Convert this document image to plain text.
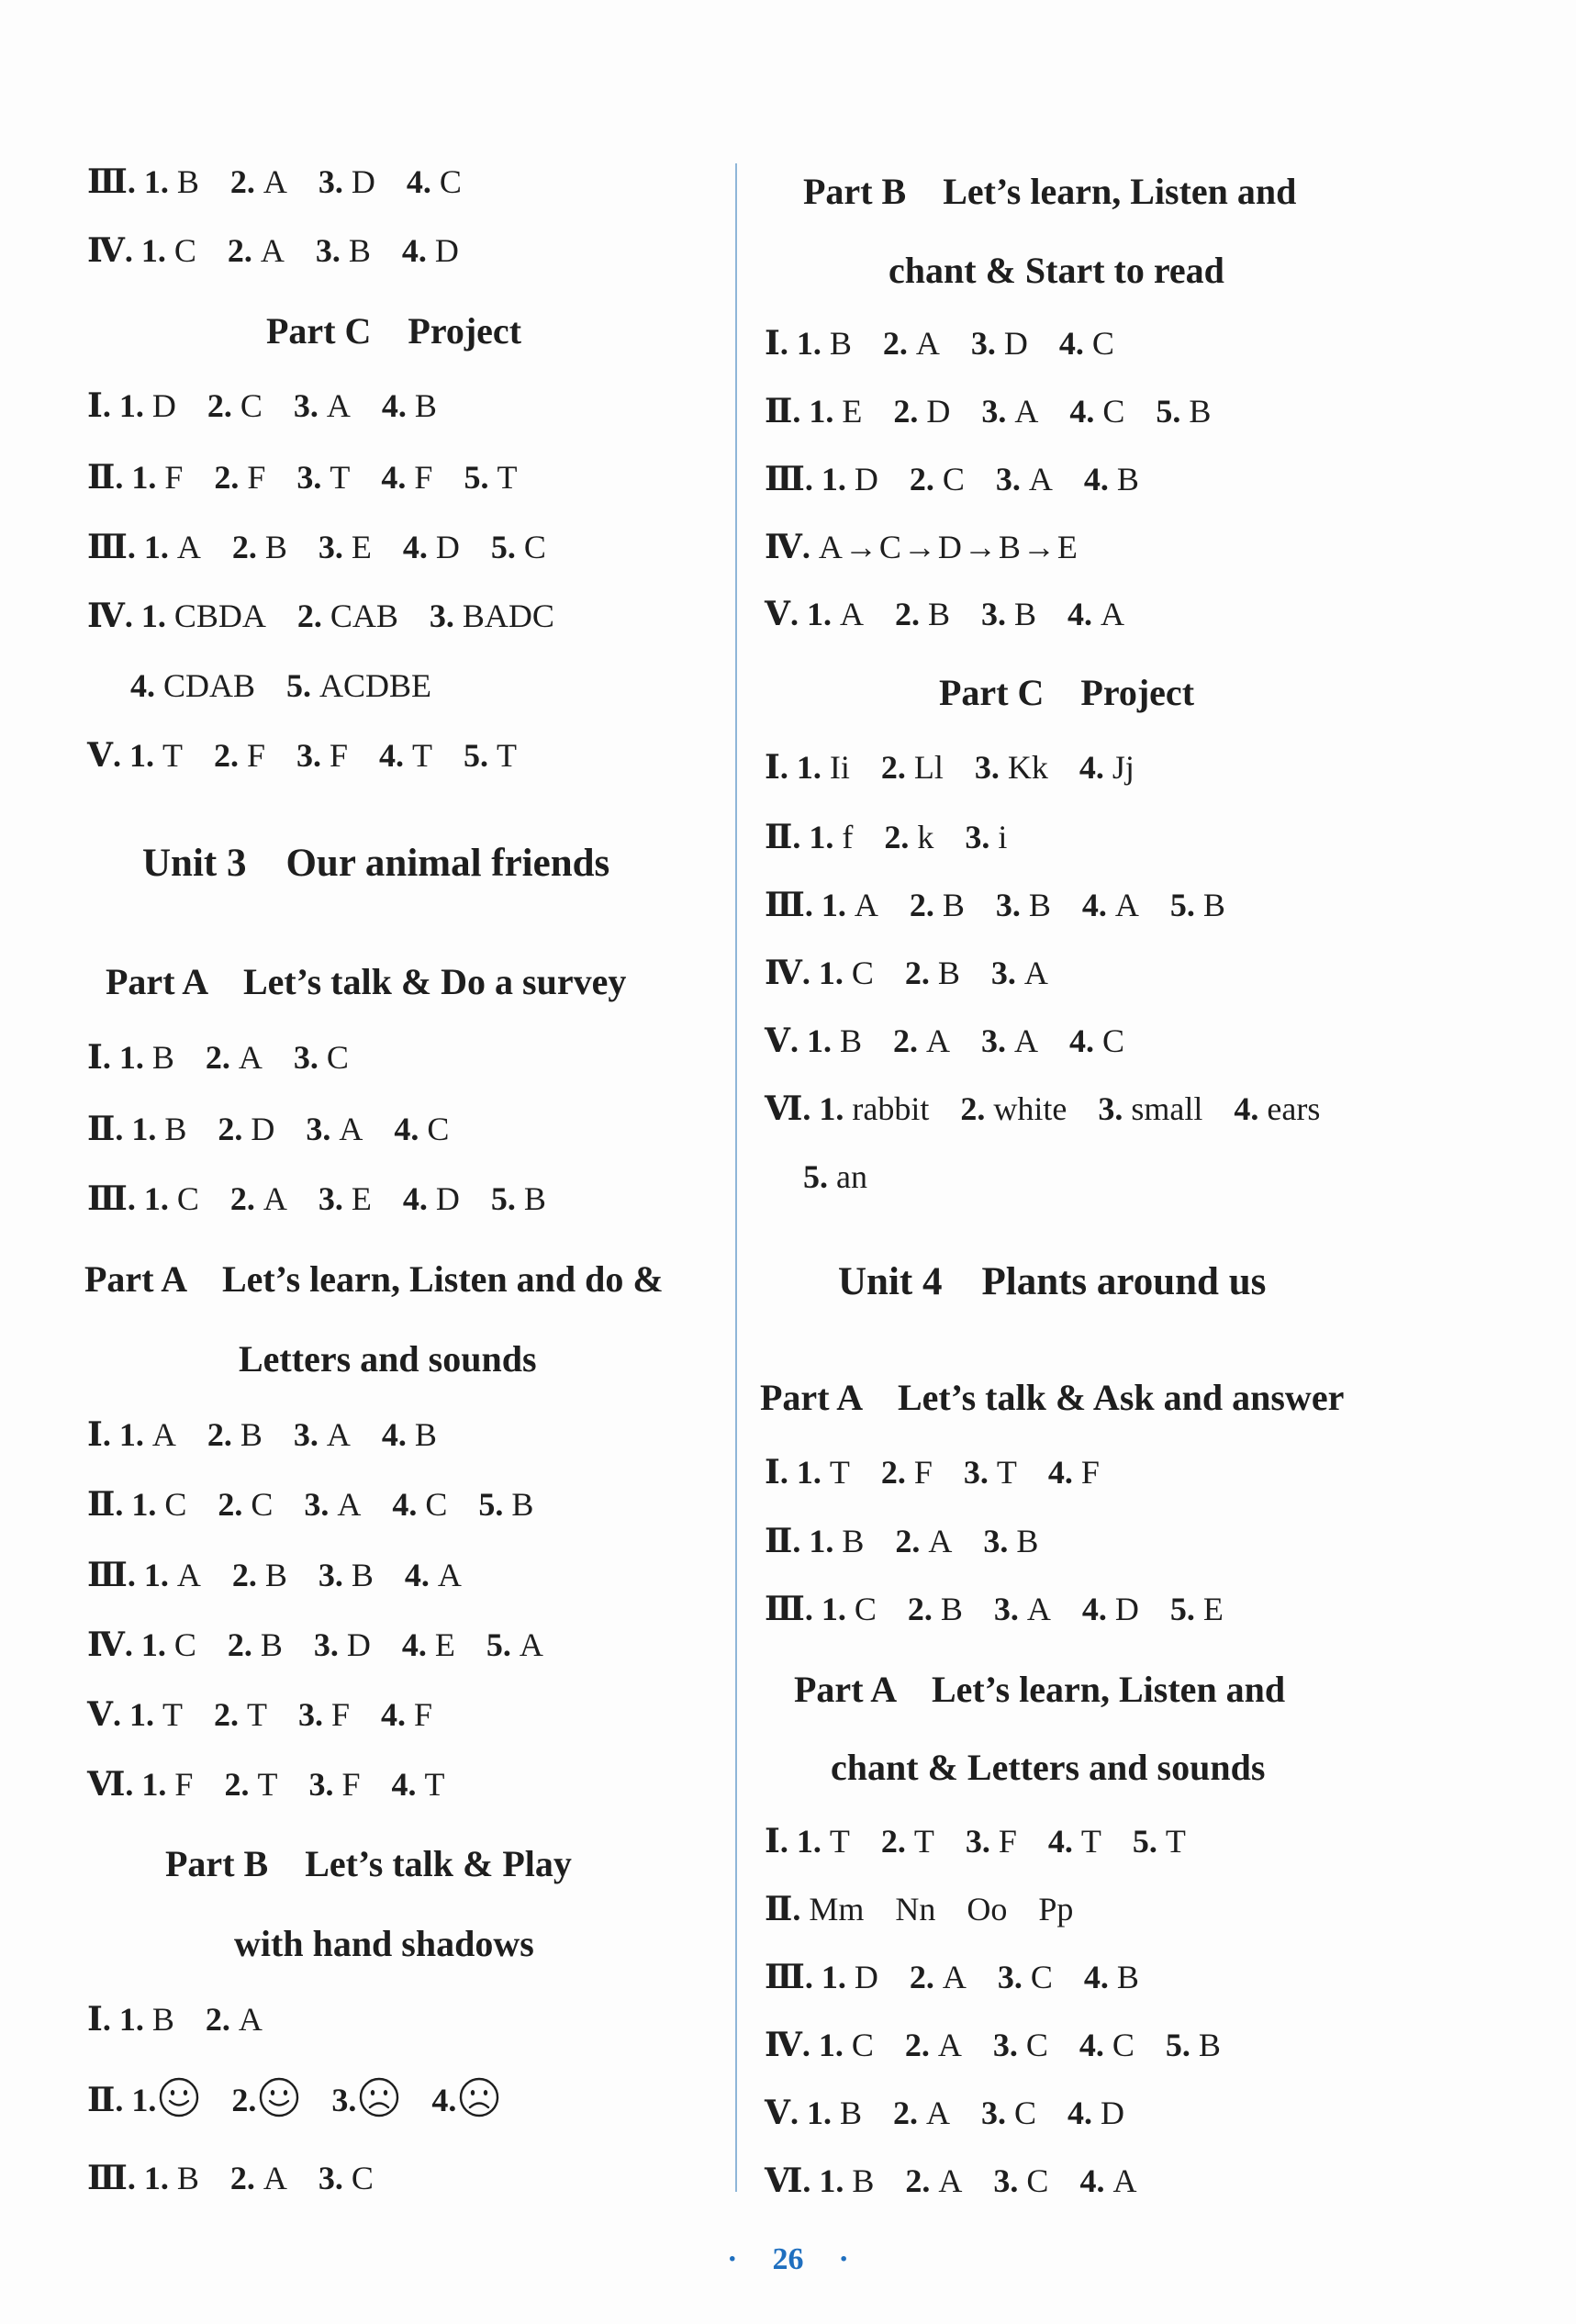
Ⅲ. 1. B 2. A 3. D 4. C
Ⅳ. 1. C 2. A 3. B 4. D
Part C    Project
Ⅰ. 1. D 2. C 3. A 4. B
Ⅱ. 1. F 2. F 3. T 4. F 5. T
Ⅲ. 1. A 2. B 3. E 4. D 5. C
Ⅳ. 1. CBDA 2. CAB 3. BADC
4. CDAB 5. ACDBE
Ⅴ. 1. T 2. F 3. F 4. T 5. T
Unit 3    Our animal friends
Part A    Let’s talk & Do a survey
Ⅰ. 1. B 2. A 3. C
Ⅱ. 1. B 2. D 3. A 4. C
Ⅲ. 1. C 2. A 3. E 4. D 5. B
Part A    Let’s learn, Listen and do &
Letters and sounds
Ⅰ. 1. A 2. B 3. A 4. B
Ⅱ. 1. C 2. C 3. A 4. C 5. B
Ⅲ. 1. A 2. B 3. B 4. A
Ⅳ. 1. C 2. B 3. D 4. E 5. A
Ⅴ. 1. T 2. T 3. F 4. F
Ⅵ. 1. F 2. T 3. F 4. T
Part B    Let’s talk & Play
with hand shadows
Ⅰ. 1. B 2. A
Ⅱ. 1. 2. 3. 4.
Ⅲ. 1. B 2. A 3. C
Part B    Let’s learn, Listen and
chant & Start to read
Ⅰ. 1. B 2. A 3. D 4. C
Ⅱ. 1. E 2. D 3. A 4. C 5. B
Ⅲ. 1. D 2. C 3. A 4. B
Ⅳ. A→C→D→B→E
Ⅴ. 1. A 2. B 3. B 4. A
Part C    Project
Ⅰ. 1. Ii 2. Ll 3. Kk 4. Jj
Ⅱ. 1. f 2. k 3. i
Ⅲ. 1. A 2. B 3. B 4. A 5. B
Ⅳ. 1. C 2. B 3. A
Ⅴ. 1. B 2. A 3. A 4. C
Ⅵ. 1. rabbit 2. white 3. small 4. ears
5. an
Unit 4    Plants around us
Part A    Let’s talk & Ask and answer
Ⅰ. 1. T 2. F 3. T 4. F
Ⅱ. 1. B 2. A 3. B
Ⅲ. 1. C 2. B 3. A 4. D 5. E
Part A    Let’s learn, Listen and
chant & Letters and sounds
Ⅰ. 1. T 2. T 3. F 4. T 5. T
Ⅱ. Mm Nn Oo Pp
Ⅲ. 1. D 2. A 3. C 4. B
Ⅳ. 1. C 2. A 3. C 4. C 5. B
Ⅴ. 1. B 2. A 3. C 4. D
Ⅵ. 1. B 2. A 3. C 4. A
· 26 ·
